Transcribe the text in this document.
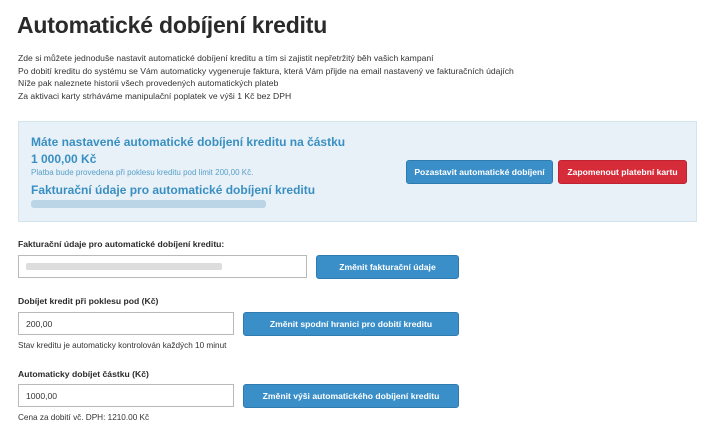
Automatické dobíjení kreditu
Zde si můžete jednoduše nastavit automatické dobíjení kreditu a tím si zajistit nepřetržitý běh vašich kampaní
Po dobití kreditu do systému se Vám automaticky vygeneruje faktura, která Vám přijde na email nastavený ve fakturačních údajích
Níže pak naleznete historii všech provedených automatických plateb
Za aktivaci karty strháváme manipulační poplatek ve výši 1 Kč bez DPH
Máte nastavené automatické dobíjení kreditu na částku
1 000,00 Kč
Platba bude provedena při poklesu kreditu pod limit 200,00 Kč.
Fakturační údaje pro automatické dobíjení kreditu
Pozastavit automatické dobíjení	Zapomenout platební kartu
Fakturační údaje pro automatické dobíjení kreditu:
Změnit fakturační údaje
Dobíjet kredit při poklesu pod (Kč)
200,00	Změnit spodní hranici pro dobití kreditu
Stav kreditu je automaticky kontrolován každých 10 minut
Automaticky dobíjet částku (Kč)
1000,00	Změnit výši automatického dobíjení kreditu
Cena za dobití vč. DPH: 1210.00 Kč
